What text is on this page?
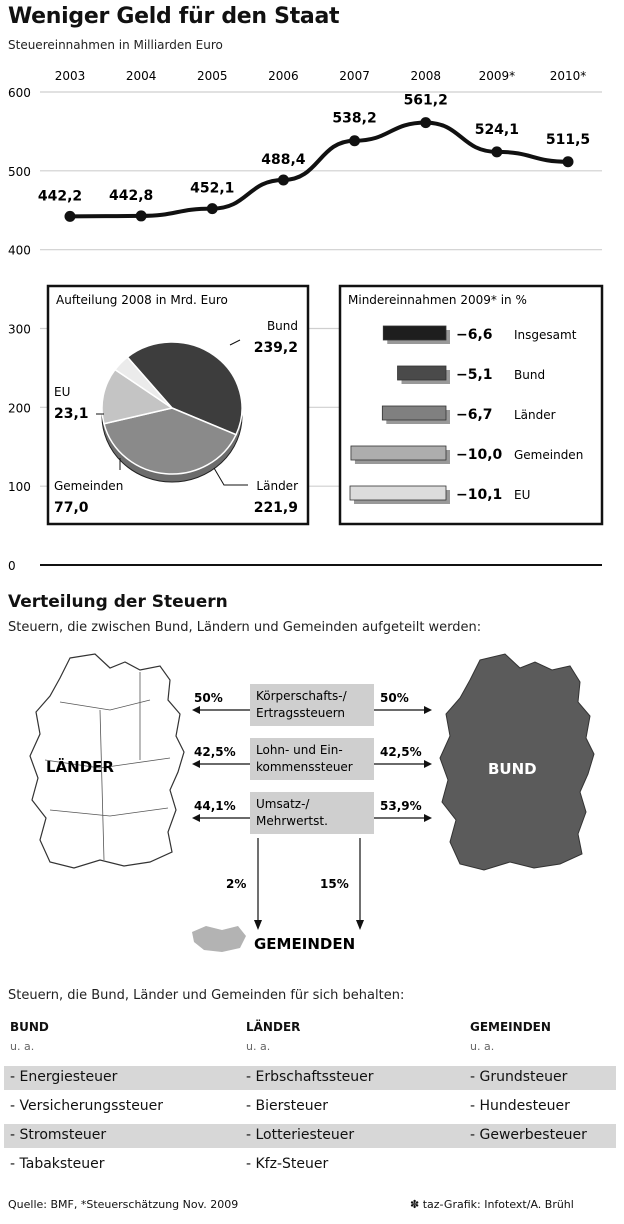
Weniger Geld für den Staat
Steuereinnahmen in Milliarden Euro
0
100
200
300
400
500
600
2003	2004	2005	2006	2007	2008	2009*	2010*
442,2 442,8	452,1
488,4
538,2
561,2
524,1
511,5
Aufteilung 2008 in Mrd. Euro
Bund
239,2
Länder
221,9
Gemeinden
77,0
EU
23,1
Mindereinnahmen 2009* in %
−6,6 Insgesamt
−5,1 Bund
−6,7 Länder
−10,0 Gemeinden
−10,1 EU
Verteilung der Steuern
Steuern, die zwischen Bund, Ländern und Gemeinden aufgeteilt werden:
LÄNDER	BUND
Körperschafts-/
Ertragssteuern
50%	50%
Lohn- und Ein-
kommenssteuer
42,5%	42,5%
Umsatz-/
Mehrwertst.
44,1%	53,9%
GEMEINDEN
2%	15%
Steuern, die Bund, Länder und Gemeinden für sich behalten:
BUND
u. a.
LÄNDER
u. a.
GEMEINDEN
u. a.
- Energiesteuer	- Erbschaftssteuer	- Grundsteuer
- Versicherungssteuer	- Biersteuer	- Hundesteuer
- Stromsteuer	- Lotteriesteuer	- Gewerbesteuer
- Tabaksteuer	- Kfz-Steuer
Quelle: BMF, *Steuerschätzung Nov. 2009	✽ taz-Grafik: Infotext/A. Brühl
